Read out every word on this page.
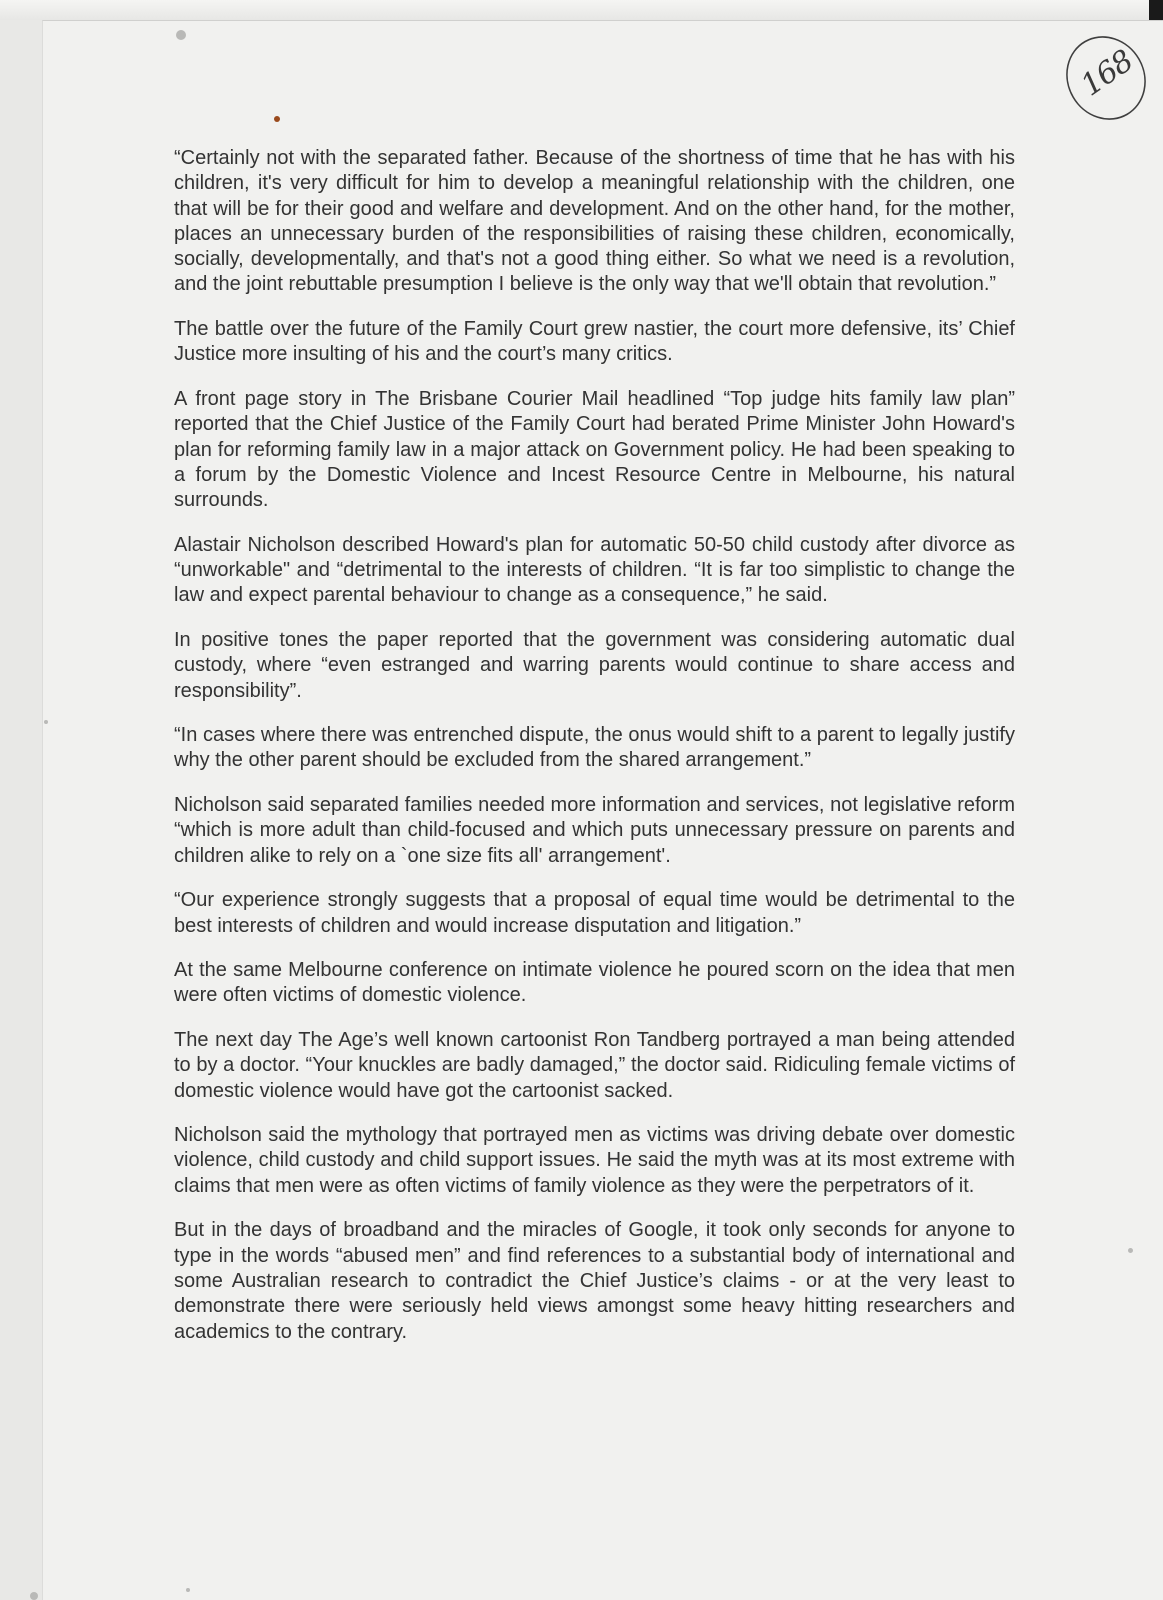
168

“Certainly not with the separated father. Because of the shortness of time that he has with his children, it's very difficult for him to develop a meaningful relationship with the children, one that will be for their good and welfare and development. And on the other hand, for the mother, places an unnecessary burden of the responsibilities of raising these children, economically, socially, developmentally, and that's not a good thing either. So what we need is a revolution, and the joint rebuttable presumption I believe is the only way that we'll obtain that revolution.”

The battle over the future of the Family Court grew nastier, the court more defensive, its’ Chief Justice more insulting of his and the court’s many critics.

A front page story in The Brisbane Courier Mail headlined “Top judge hits family law plan” reported that the Chief Justice of the Family Court had berated Prime Minister John Howard's plan for reforming family law in a major attack on Government policy. He had been speaking to a forum by the Domestic Violence and Incest Resource Centre in Melbourne, his natural surrounds.

Alastair Nicholson described Howard's plan for automatic 50-50 child custody after divorce as “unworkable" and “detrimental to the interests of children. “It is far too simplistic to change the law and expect parental behaviour to change as a consequence,” he said.

In positive tones the paper reported that the government was considering automatic dual custody, where “even estranged and warring parents would continue to share access and responsibility”.

“In cases where there was entrenched dispute, the onus would shift to a parent to legally justify why the other parent should be excluded from the shared arrangement.”

Nicholson said separated families needed more information and services, not legislative reform “which is more adult than child-focused and which puts unnecessary pressure on parents and children alike to rely on a `one size fits all' arrangement'.

“Our experience strongly suggests that a proposal of equal time would be detrimental to the best interests of children and would increase disputation and litigation.”

At the same Melbourne conference on intimate violence he poured scorn on the idea that men were often victims of domestic violence.

The next day The Age’s well known cartoonist Ron Tandberg portrayed a man being attended to by a doctor. “Your knuckles are badly damaged,” the doctor said. Ridiculing female victims of domestic violence would have got the cartoonist sacked.

Nicholson said the mythology that portrayed men as victims was driving debate over domestic violence, child custody and child support issues. He said the myth was at its most extreme with claims that men were as often victims of family violence as they were the perpetrators of it.

But in the days of broadband and the miracles of Google, it took only seconds for anyone to type in the words “abused men” and find references to a substantial body of international and some Australian research to contradict the Chief Justice’s claims - or at the very least to demonstrate there were seriously held views amongst some heavy hitting researchers and academics to the contrary.
